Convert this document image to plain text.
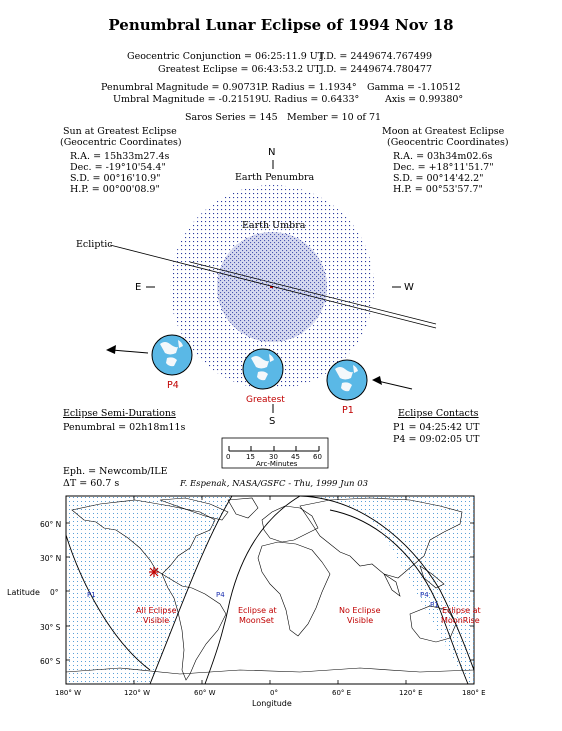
Penumbral Lunar Eclipse of 1994 Nov 18
Geocentric Conjunction = 06:25:11.9 UT
J.D. = 2449674.767499
Greatest Eclipse = 06:43:53.2 UT J.D. = 2449674.780477
Penumbral Magnitude = 0.90731 P. Radius = 1.1934° Gamma = -1.10512
Umbral Magnitude = -0.21519 U. Radius = 0.6433°	Axis = 0.99380°
Saros Series = 145 Member = 10 of 71
Sun at Greatest Eclipse
(Geocentric Coordinates)
R.A. = 15h33m27.4s
Dec. = -19°10'54.4"
S.D. = 00°16'10.9"
H.P. = 00°00'08.9"
Moon at Greatest Eclipse
(Geocentric Coordinates)
R.A. = 03h34m02.6s
Dec. = +18°11'51.7"
S.D. = 00°14'42.2"
H.P. = 00°53'57.7"
N
Earth Penumbra
Earth Umbra
Ecliptic
E	W
P4
Greatest
P1
S
0 15 30 45 60
Arc-Minutes
Eclipse Semi-Durations
Penumbral = 02h18m11s
Eclipse Contacts
P1 = 04:25:42 UT
P4 = 09:02:05 UT
Eph. = Newcomb/ILE
ΔT = 60.7 s	F. Espenak, NASA/GSFC - Thu, 1999 Jun 03
60° N
30° N
0°
30° S
60° S
Latitude
180° W	120° W	60° W	0°	60° E	120° E	180° E
Longitude
All Eclipse
Visible
Eclipse at
MoonSet
No Eclipse
Visible
Eclipse at
MoonRise
P1	P4	P4
P1
